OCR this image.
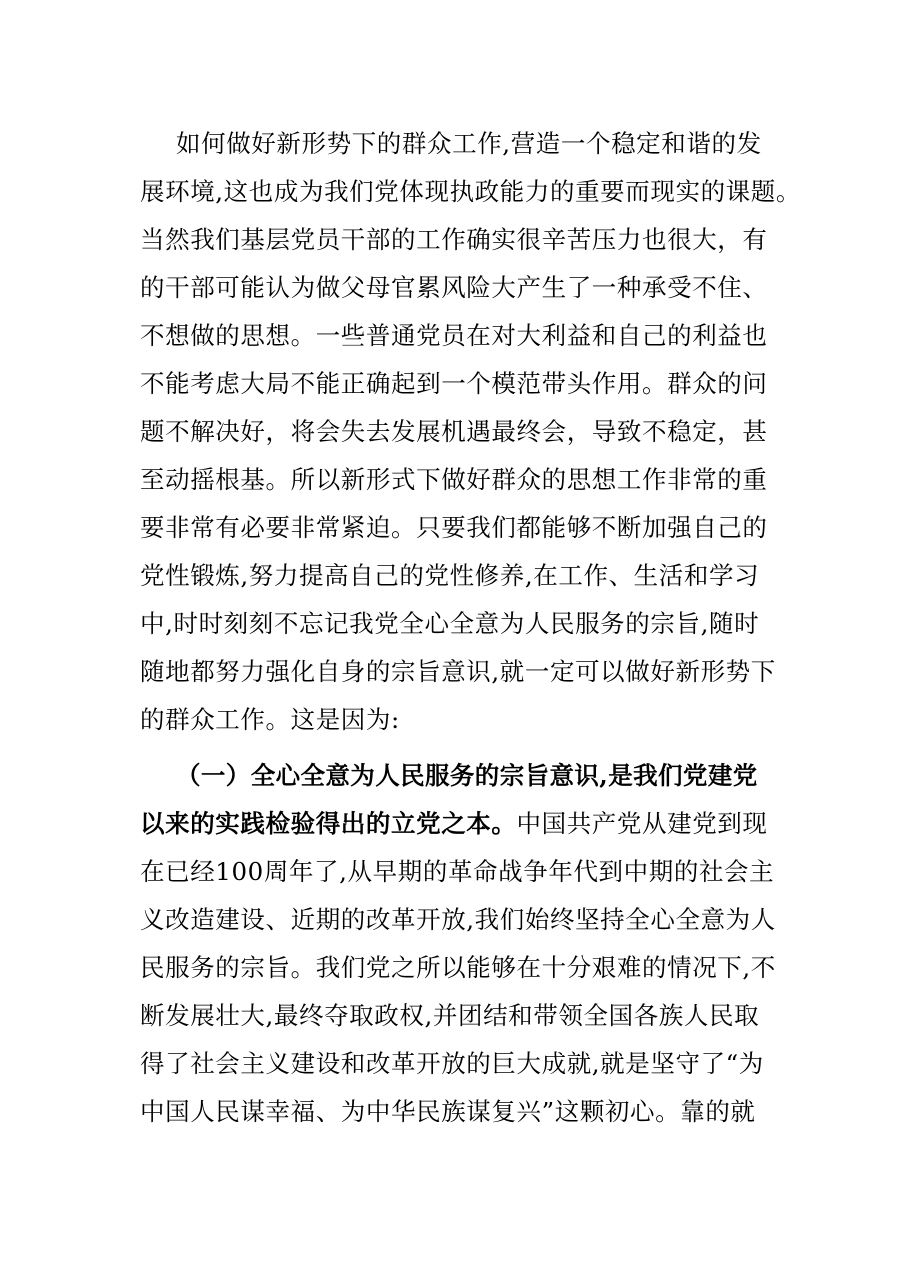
如何做好新形势下的群众工作,营造一个稳定和谐的发
展环境,这也成为我们党体现执政能力的重要而现实的课题。
当然我们基层党员干部的工作确实很辛苦压力也很大，有
的干部可能认为做父母官累风险大产生了一种承受不住、
不想做的思想。一些普通党员在对大利益和自己的利益也
不能考虑大局不能正确起到一个模范带头作用。群众的问
题不解决好，将会失去发展机遇最终会，导致不稳定，甚
至动摇根基。所以新形式下做好群众的思想工作非常的重
要非常有必要非常紧迫。只要我们都能够不断加强自己的
党性锻炼,努力提高自己的党性修养,在工作、生活和学习
中,时时刻刻不忘记我党全心全意为人民服务的宗旨,随时
随地都努力强化自身的宗旨意识,就一定可以做好新形势下
的群众工作。这是因为:
（一）全心全意为人民服务的宗旨意识,是我们党建党
以来的实践检验得出的立党之本。中国共产党从建党到现
在已经100周年了,从早期的革命战争年代到中期的社会主
义改造建设、近期的改革开放,我们始终坚持全心全意为人
民服务的宗旨。我们党之所以能够在十分艰难的情况下,不
断发展壮大,最终夺取政权,并团结和带领全国各族人民取
得了社会主义建设和改革开放的巨大成就,就是坚守了“为
中国人民谋幸福、为中华民族谋复兴”这颗初心。靠的就
